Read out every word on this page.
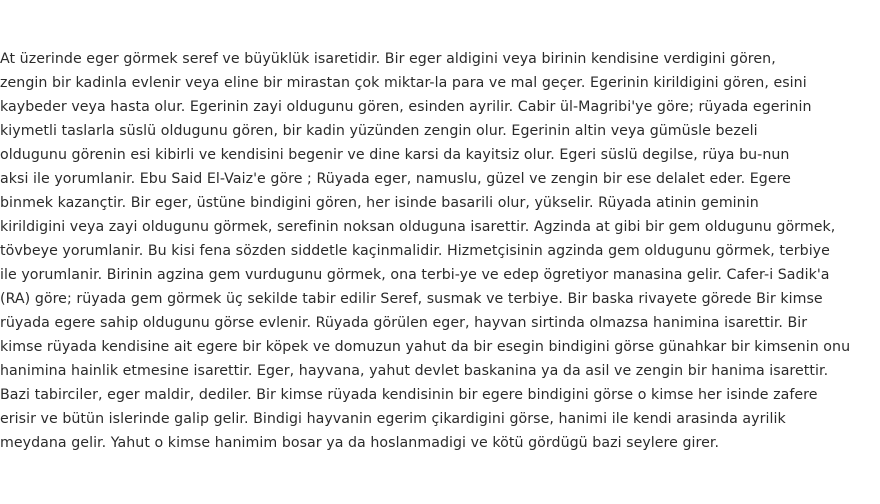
At üzerinde eger görmek seref ve büyüklük isaretidir. Bir eger aldigini veya birinin kendisine verdigini gören,
zengin bir kadinla evlenir veya eline bir mirastan çok miktar-la para ve mal geçer. Egerinin kirildigini gören, esini
kaybeder veya hasta olur. Egerinin zayi oldugunu gören, esinden ayrilir. Cabir ül-Magribi'ye göre; rüyada egerinin
kiymetli taslarla süslü oldugunu gören, bir kadin yüzünden zengin olur. Egerinin altin veya gümüsle bezeli
oldugunu görenin esi kibirli ve kendisini begenir ve dine karsi da kayitsiz olur. Egeri süslü degilse, rüya bu-nun
aksi ile yorumlanir. Ebu Said El-Vaiz'e göre ; Rüyada eger, namuslu, güzel ve zengin bir ese delalet eder. Egere
binmek kazançtir. Bir eger, üstüne bindigini gören, her isinde basarili olur, yükselir. Rüyada atinin geminin
kirildigini veya zayi oldugunu görmek, serefinin noksan olduguna isarettir. Agzinda at gibi bir gem oldugunu görmek,
tövbeye yorumlanir. Bu kisi fena sözden siddetle kaçinmalidir. Hizmetçisinin agzinda gem oldugunu görmek, terbiye
ile yorumlanir. Birinin agzina gem vurdugunu görmek, ona terbi-ye ve edep ögretiyor manasina gelir. Cafer-i Sadik'a
(RA) göre; rüyada gem görmek üç sekilde tabir edilir Seref, susmak ve terbiye. Bir baska rivayete görede Bir kimse
rüyada egere sahip oldugunu görse evlenir. Rüyada görülen eger, hayvan sirtinda olmazsa hanimina isarettir. Bir
kimse rüyada kendisine ait egere bir köpek ve domuzun yahut da bir esegin bindigini görse günahkar bir kimsenin onu
hanimina hainlik etmesine isarettir. Eger, hayvana, yahut devlet baskanina ya da asil ve zengin bir hanima isarettir.
Bazi tabirciler, eger maldir, dediler. Bir kimse rüyada kendisinin bir egere bindigini görse o kimse her isinde zafere
erisir ve bütün islerinde galip gelir. Bindigi hayvanin egerim çikardigini görse, hanimi ile kendi arasinda ayrilik
meydana gelir. Yahut o kimse hanimim bosar ya da hoslanmadigi ve kötü gördügü bazi seylere girer.
